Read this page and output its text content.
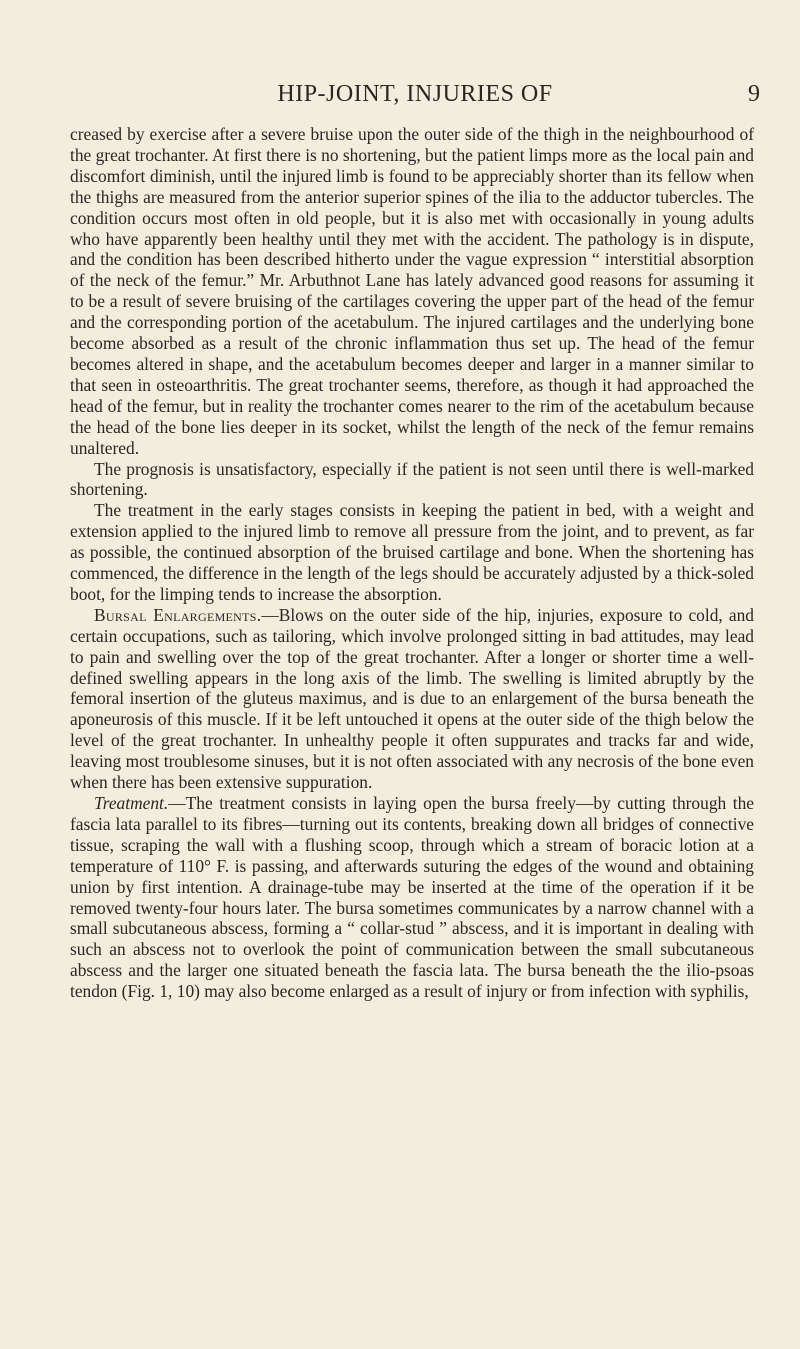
HIP-JOINT, INJURIES OF	9

creased by exercise after a severe bruise upon the outer side of the thigh in the neighbourhood of the great trochanter. At first there is no shortening, but the patient limps more as the local pain and discomfort diminish, until the injured limb is found to be appreciably shorter than its fellow when the thighs are measured from the anterior superior spines of the ilia to the adductor tubercles. The condition occurs most often in old people, but it is also met with occasionally in young adults who have apparently been healthy until they met with the accident. The pathology is in dispute, and the condition has been described hitherto under the vague expression “ interstitial absorption of the neck of the femur.” Mr. Arbuthnot Lane has lately advanced good reasons for assuming it to be a result of severe bruising of the cartilages covering the upper part of the head of the femur and the corresponding portion of the acetabulum. The injured cartilages and the underlying bone become absorbed as a result of the chronic inflammation thus set up. The head of the femur becomes altered in shape, and the acetabulum becomes deeper and larger in a manner similar to that seen in osteoarthritis. The great trochanter seems, therefore, as though it had approached the head of the femur, but in reality the trochanter comes nearer to the rim of the acetabulum because the head of the bone lies deeper in its socket, whilst the length of the neck of the femur remains unaltered.

The prognosis is unsatisfactory, especially if the patient is not seen until there is well-marked shortening.

The treatment in the early stages consists in keeping the patient in bed, with a weight and extension applied to the injured limb to remove all pressure from the joint, and to prevent, as far as possible, the continued absorption of the bruised cartilage and bone. When the shortening has commenced, the difference in the length of the legs should be accurately adjusted by a thick-soled boot, for the limping tends to increase the absorption.

Bursal Enlargements.—Blows on the outer side of the hip, injuries, exposure to cold, and certain occupations, such as tailoring, which involve prolonged sitting in bad attitudes, may lead to pain and swelling over the top of the great trochanter. After a longer or shorter time a well-defined swelling appears in the long axis of the limb. The swelling is limited abruptly by the femoral insertion of the gluteus maximus, and is due to an enlargement of the bursa beneath the aponeurosis of this muscle. If it be left untouched it opens at the outer side of the thigh below the level of the great trochanter. In unhealthy people it often suppurates and tracks far and wide, leaving most troublesome sinuses, but it is not often associated with any necrosis of the bone even when there has been extensive suppuration.

Treatment.—The treatment consists in laying open the bursa freely—by cutting through the fascia lata parallel to its fibres—turning out its contents, breaking down all bridges of connective tissue, scraping the wall with a flushing scoop, through which a stream of boracic lotion at a temperature of 110° F. is passing, and afterwards suturing the edges of the wound and obtaining union by first intention. A drainage-tube may be inserted at the time of the operation if it be removed twenty-four hours later. The bursa sometimes communicates by a narrow channel with a small subcutaneous abscess, forming a “ collar-stud ” abscess, and it is important in dealing with such an abscess not to overlook the point of communication between the small subcutaneous abscess and the larger one situated beneath the fascia lata. The bursa beneath the the ilio-psoas tendon (Fig. 1, 10) may also become enlarged as a result of injury or from infection with syphilis,
